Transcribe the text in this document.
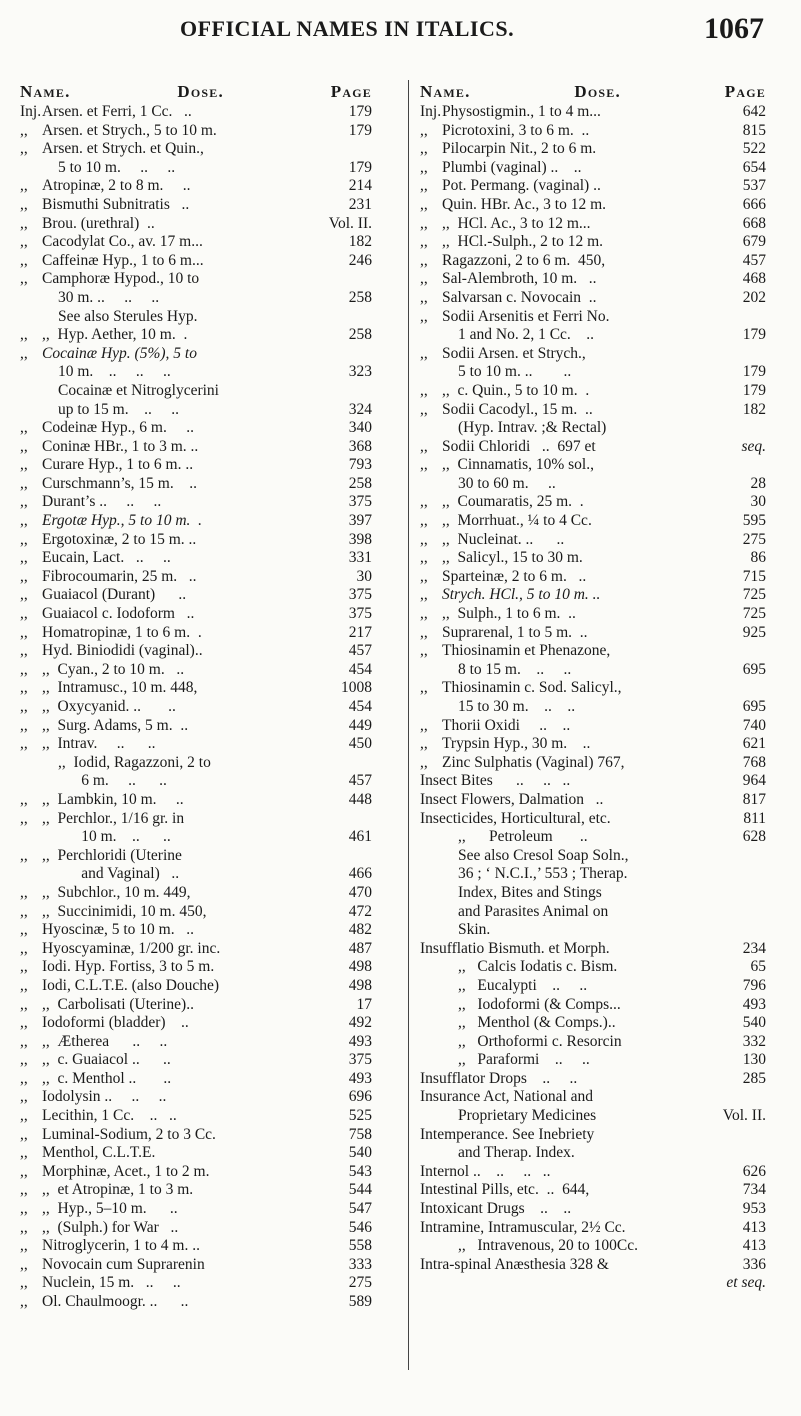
OFFICIAL NAMES IN ITALICS.	1067
Name.	Dose.	Page
Inj. Arsen. et Ferri, 1 Cc.   ..	179
,, Arsen. et Strych., 5 to 10 m.	179
,, Arsen. et Strych. et Quin.,
5 to 10 m.     ..     ..	179
,, Atropinæ, 2 to 8 m.     ..	214
,, Bismuthi Subnitratis   ..	231
,, Brou. (urethral)  ..	Vol. II.
,, Cacodylat Co., av. 17 m...	182
,, Caffeinæ Hyp., 1 to 6 m...	246
,, Camphoræ Hypod., 10 to
30 m. ..     ..     ..	258
See also Sterules Hyp.
,, ,,  Hyp. Aether, 10 m.  .	258
,, Cocainæ Hyp. (5%), 5 to
10 m.    ..     ..     ..	323
Cocainæ et Nitroglycerini
up to 15 m.    ..     ..	324
,, Codeinæ Hyp., 6 m.     ..	340
,, Coninæ HBr., 1 to 3 m. ..	368
,, Curare Hyp., 1 to 6 m. ..	793
,, Curschmann’s, 15 m.    ..	258
,, Durant’s ..     ..     ..	375
,, Ergotæ Hyp., 5 to 10 m.  .	397
,, Ergotoxinæ, 2 to 15 m. ..	398
,, Eucain, Lact.   ..     ..	331
,, Fibrocoumarin, 25 m.   ..	30
,, Guaiacol (Durant)      ..	375
,, Guaiacol c. Iodoform   ..	375
,, Homatropinæ, 1 to 6 m.  .	217
,, Hyd. Biniodidi (vaginal)..	457
,, ,,  Cyan., 2 to 10 m.   ..	454
,, ,,  Intramusc., 10 m. 448,	1008
,, ,,  Oxycyanid. ..       ..	454
,, ,,  Surg. Adams, 5 m.  ..	449
,, ,,  Intrav.     ..      ..	450
,,  Iodid, Ragazzoni, 2 to
6 m.     ..      ..	457
,, ,,  Lambkin, 10 m.     ..	448
,, ,,  Perchlor., 1/16 gr. in
10 m.    ..      ..	461
,, ,,  Perchloridi (Uterine
and Vaginal)   ..	466
,, ,,  Subchlor., 10 m. 449,	470
,, ,,  Succinimidi, 10 m. 450,	472
,, Hyoscinæ, 5 to 10 m.   ..	482
,, Hyoscyaminæ, 1/200 gr. inc.	487
,, Iodi. Hyp. Fortiss, 3 to 5 m.	498
,, Iodi, C.L.T.E. (also Douche)	498
,, ,,  Carbolisati (Uterine)..	17
,, Iodoformi (bladder)    ..	492
,, ,,  Ætherea      ..     ..	493
,, ,,  c. Guaiacol ..      ..	375
,, ,,  c. Menthol ..       ..	493
,, Iodolysin ..     ..     ..	696
,, Lecithin, 1 Cc.    ..   ..	525
,, Luminal-Sodium, 2 to 3 Cc.	758
,, Menthol, C.L.T.E.	540
,, Morphinæ, Acet., 1 to 2 m.	543
,, ,,  et Atropinæ, 1 to 3 m.	544
,, ,,  Hyp., 5–10 m.      ..	547
,, ,,  (Sulph.) for War   ..	546
,, Nitroglycerin, 1 to 4 m. ..	558
,, Novocain cum Suprarenin	333
,, Nuclein, 15 m.   ..     ..	275
,, Ol. Chaulmoogr. ..      ..	589
Name.	Dose.	Page
Inj. Physostigmin., 1 to 4 m...	642
,, Picrotoxini, 3 to 6 m.  ..	815
,, Pilocarpin Nit., 2 to 6 m.	522
,, Plumbi (vaginal) ..    ..	654
,, Pot. Permang. (vaginal) ..	537
,, Quin. HBr. Ac., 3 to 12 m.	666
,, ,,  HCl. Ac., 3 to 12 m...	668
,, ,,  HCl.-Sulph., 2 to 12 m.	679
,, Ragazzoni, 2 to 6 m.  450,	457
,, Sal-Alembroth, 10 m.   ..	468
,, Salvarsan c. Novocain  ..	202
,, Sodii Arsenitis et Ferri No.
1 and No. 2, 1 Cc.    ..	179
,, Sodii Arsen. et Strych.,
5 to 10 m. ..        ..	179
,, ,,  c. Quin., 5 to 10 m.  .	179
,, Sodii Cacodyl., 15 m.  ..	182
(Hyp. Intrav. ;& Rectal)
,, Sodii Chloridi   ..  697 et	seq.
,, ,,  Cinnamatis, 10% sol.,
30 to 60 m.     ..	28
,, ,,  Coumaratis, 25 m.  .	30
,, ,,  Morrhuat., ¼ to 4 Cc.	595
,, ,,  Nucleinat. ..      ..	275
,, ,,  Salicyl., 15 to 30 m.	86
,, Sparteinæ, 2 to 6 m.   ..	715
,, Strych. HCl., 5 to 10 m. ..	725
,, ,,  Sulph., 1 to 6 m.  ..	725
,, Suprarenal, 1 to 5 m.  ..	925
,, Thiosinamin et Phenazone,
8 to 15 m.    ..     ..	695
,, Thiosinamin c. Sod. Salicyl.,
15 to 30 m.    ..    ..	695
,, Thorii Oxidi     ..    ..	740
,, Trypsin Hyp., 30 m.    ..	621
,, Zinc Sulphatis (Vaginal) 767,	768
Insect Bites      ..     ..   ..	964
Insect Flowers, Dalmation   ..	817
Insecticides, Horticultural, etc.	811
,,      Petroleum       ..	628
See also Cresol Soap Soln.,
36 ; ‘ N.C.I.,’ 553 ; Therap.
Index, Bites and Stings
and Parasites Animal on
Skin.
Insufflatio Bismuth. et Morph.	234
,,   Calcis Iodatis c. Bism.	65
,,   Eucalypti    ..     ..	796
,,   Iodoformi (& Comps...	493
,,   Menthol (& Comps.)..	540
,,   Orthoformi c. Resorcin	332
,,   Paraformi    ..     ..	130
Insufflator Drops    ..     ..	285
Insurance Act, National and
Proprietary Medicines	Vol. II.
Intemperance. See Inebriety
and Therap. Index.
Internol ..    ..     ..   ..	626
Intestinal Pills, etc.  ..  644,	734
Intoxicant Drugs    ..    ..	953
Intramine, Intramuscular, 2½ Cc.	413
,,   Intravenous, 20 to 100Cc.	413
Intra-spinal Anæsthesia 328 &	336
et seq.
